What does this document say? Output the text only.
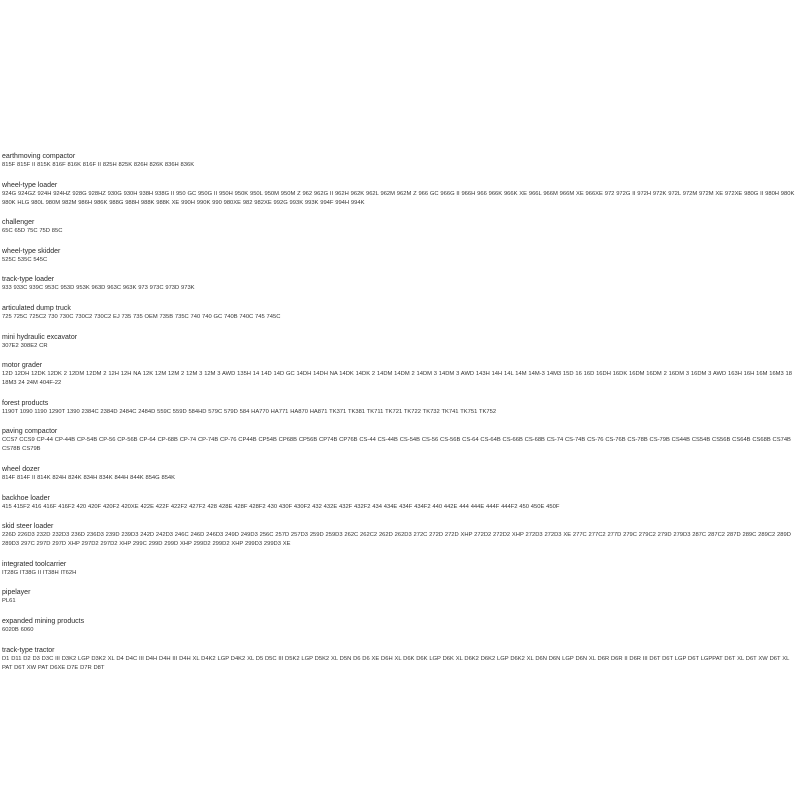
earthmoving compactor
815F 815F II 815K 816F 816K 816F II 825H 825K 826H 826K 836H 836K
wheel-type loader
924G 924GZ 924H 924HZ 928G 928HZ 930G 930H 938H 938G II 950 GC 950G II 950H 950K 950L 950M 950M Z 962 962G II 962H 962K 962L 962M 962M Z 966 GC 966G II 966H 966 966K 966K XE 966L 966M 966M XE 966XE 972 972G II 972H 972K 972L 972M 972M XE 972XE 980G II 980H 980K 980K HLG 980L 980M 982M 986H 986K 988G 988H 988K 988K XE 990H 990K 990 980XE 982 982XE 992G 993K 993K 994F 994H 994K
challenger
65C 65D 75C 75D 85C
wheel-type skidder
525C 535C 545C
track-type loader
933 933C 939C 953C 953D 953K 963D 963C 963K 973 973C 973D 973K
articulated dump truck
725 725C 725C2 730 730C 730C2 730C2 EJ 735 735 OEM 735B 735C 740 740 GC 740B 740C 745 745C
mini hydraulic excavator
307E2 308E2 CR
motor grader
12D 12DH 12DK 12DK 2 12DM 12DM 2 12H 12H NA 12K 12M 12M 2 12M 3 12M 3 AWD 135H 14 14D 14D GC 14DH 14DH NA 14DK 14DK 2 14DM 14DM 2 14DM 3 14DM 3 AWD 143H 14H 14L 14M 14M-3 14M3 15D 16 16D 16DH 16DK 16DM 16DM 2 16DM 3 16DM 3 AWD 163H 16H 16M 16M3 18 18M3 24 24M 404F-22
forest products
1190T 1090 1190 1290T 1390 2384C 2384D 2484C 2484D 559C 559D 584HD 579C 579D 584 HA770 HA771 HA870 HA871 TK371 TK381 TK711 TK721 TK722 TK732 TK741 TK751 TK752
paving compactor
CCS7 CCS9 CP-44 CP-44B CP-54B CP-56 CP-56B CP-64 CP-68B CP-74 CP-74B CP-76 CP44B CP54B CP68B CP56B CP74B CP76B CS-44 CS-44B CS-54B CS-56 CS-56B CS-64 CS-64B CS-66B CS-68B CS-74 CS-74B CS-76 CS-76B CS-78B CS-79B CS44B CS54B CS56B CS64B CS68B CS74B CS78B CS79B
wheel dozer
814F 814F II 814K 824H 824K 834H 834K 844H 844K 854G 854K
backhoe loader
415 415F2 416 416F 416F2 420 420F 420F2 420XE 422E 422F 422F2 427F2 428 428E 428F 428F2 430 430F 430F2 432 432E 432F 432F2 434 434E 434F 434F2 440 442E 444 444E 444F 444F2 450 450E 450F
skid steer loader
226D 226D3 232D 232D3 236D 236D3 239D 239D3 242D 242D3 246C 246D 246D3 249D 249D3 256C 257D 257D3 259D 259D3 262C 262C2 262D 262D3 272C 272D 272D XHP 272D2 272D2 XHP 272D3 272D3 XE 277C 277C2 277D 279C 279C2 279D 279D3 287C 287C2 287D 289C 289C2 289D 289D3 297C 297D 297D XHP 297D2 297D2 XHP 299C 299D 299D XHP 299D2 299D2 XHP 299D3 299D3 XE
integrated toolcarrier
IT28G IT38G II IT38H IT62H
pipelayer
PL61
expanded mining products
6020B 6060
track-type tractor
D1 D11 D2 D3 D3C III D3K2 LGP D3K2 XL D4 D4C III D4H D4H III D4H XL D4K2 LGP D4K2 XL D5 D5C III D5K2 LGP D5K2 XL D5N D6 D6 XE D6H XL D6K D6K LGP D6K XL D6K2 D6K2 LGP D6K2 XL D6N D6N LGP D6N XL D6R D6R II D6R III D6T D6T LGP D6T LGPPAT D6T XL D6T XW D6T XL PAT D6T XW PAT D6XE D7E D7R D8T
